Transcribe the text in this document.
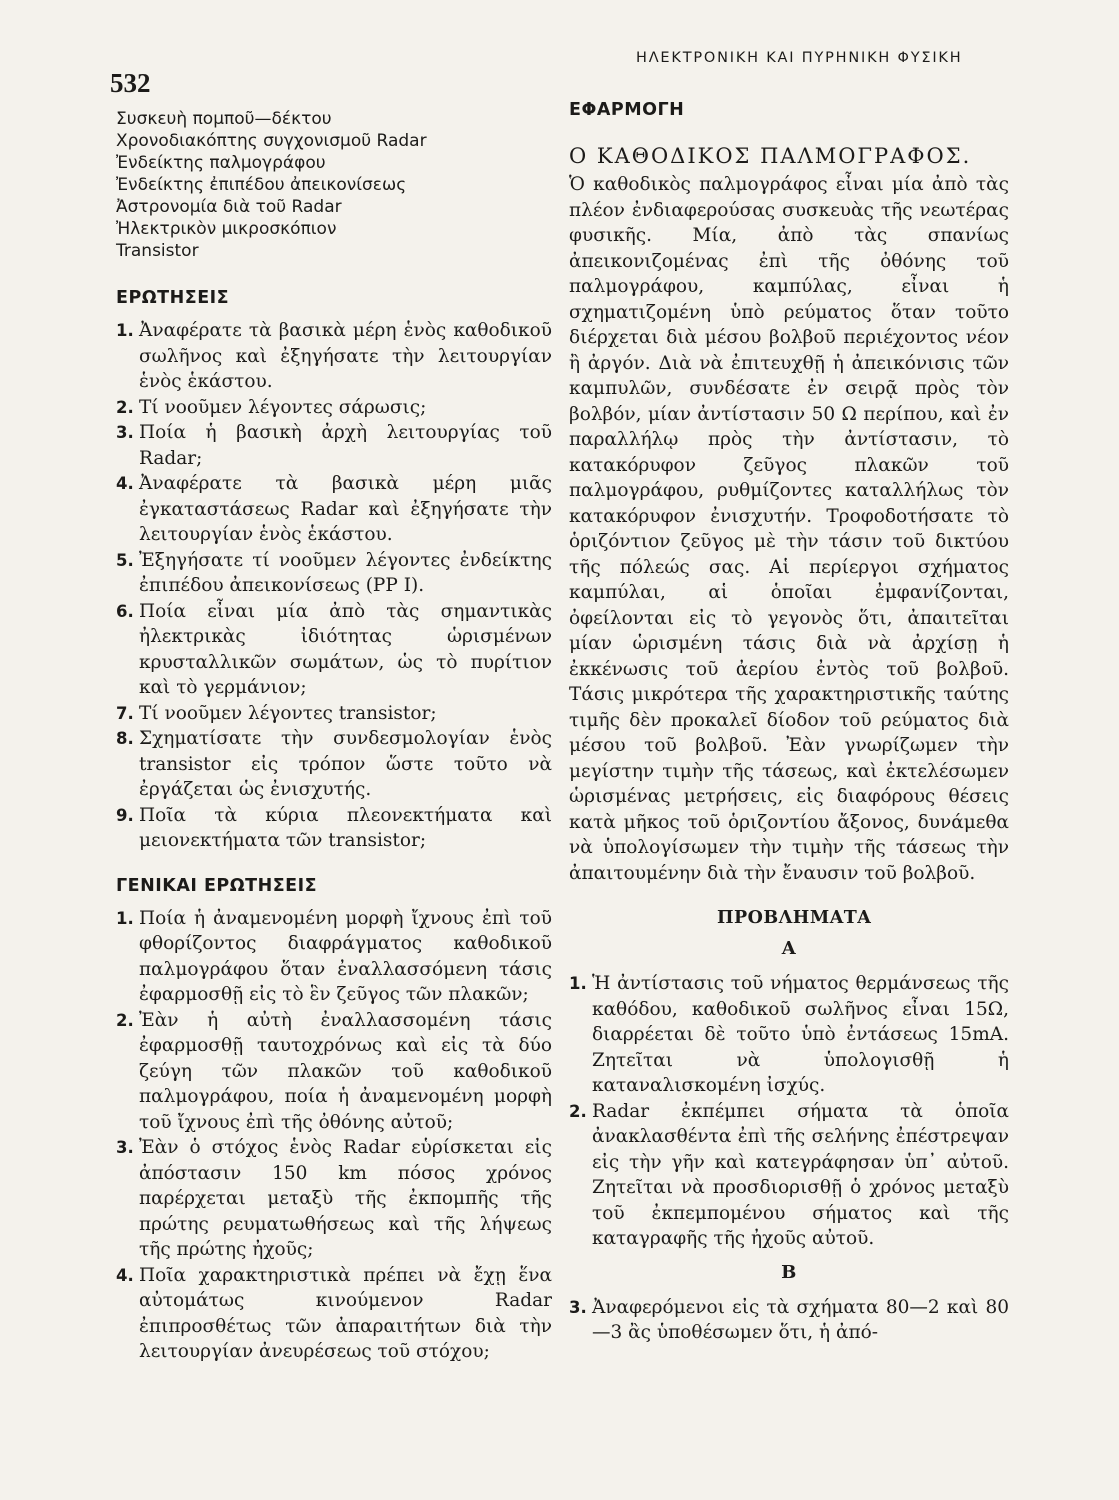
532
ΗΛΕΚΤΡΟΝΙΚΗ ΚΑΙ ΠΥΡΗΝΙΚΗ ΦΥΣΙΚΗ
Συσκευὴ πομποῦ—δέκτου
Χρονοδιακόπτης συγχονισμοῦ Radar
Ἐνδείκτης παλμογράφου
Ἐνδείκτης ἐπιπέδου ἀπεικονίσεως
Ἀστρονομία διὰ τοῦ Radar
Ἠλεκτρικὸν μικροσκόπιον
Transistor
ΕΡΩΤΗΣΕΙΣ
1. Ἀναφέρατε τὰ βασικὰ μέρη ἑνὸς καθοδικοῦ σωλῆνος καὶ ἐξηγήσατε τὴν λειτουργίαν ἑνὸς ἑκάστου.
2. Τί νοοῦμεν λέγοντες σάρωσις;
3. Ποία ἡ βασικὴ ἀρχὴ λειτουργίας τοῦ Radar;
4. Ἀναφέρατε τὰ βασικὰ μέρη μιᾶς ἐγκαταστάσεως Radar καὶ ἐξηγήσατε τὴν λειτουργίαν ἑνὸς ἑκάστου.
5. Ἐξηγήσατε τί νοοῦμεν λέγοντες ἐνδείκτης ἐπιπέδου ἀπεικονίσεως (PP I).
6. Ποία εἶναι μία ἀπὸ τὰς σημαντικὰς ἠλεκτρικὰς ἰδιότητας ὡρισμένων κρυσταλλικῶν σωμάτων, ὡς τὸ πυρίτιον καὶ τὸ γερμάνιον;
7. Τί νοοῦμεν λέγοντες transistor;
8. Σχηματίσατε τὴν συνδεσμολογίαν ἑνὸς transistor εἰς τρόπον ὥστε τοῦτο νὰ ἐργάζεται ὡς ἐνισχυτής.
9. Ποῖα τὰ κύρια πλεονεκτήματα καὶ μειονεκτήματα τῶν transistor;
ΓΕΝΙΚΑΙ ΕΡΩΤΗΣΕΙΣ
1. Ποία ἡ ἀναμενομένη μορφὴ ἴχνους ἐπὶ τοῦ φθορίζοντος διαφράγματος καθοδικοῦ παλμογράφου ὅταν ἐναλλασσόμενη τάσις ἐφαρμοσθῇ εἰς τὸ ἓν ζεῦγος τῶν πλακῶν;
2. Ἐὰν ἡ αὐτὴ ἐναλλασσομένη τάσις ἐφαρμοσθῇ ταυτοχρόνως καὶ εἰς τὰ δύο ζεύγη τῶν πλακῶν τοῦ καθοδικοῦ παλμογράφου, ποία ἡ ἀναμενομένη μορφὴ τοῦ ἴχνους ἐπὶ τῆς ὀθόνης αὐτοῦ;
3. Ἐὰν ὁ στόχος ἑνὸς Radar εὑρίσκεται εἰς ἀπόστασιν 150 km πόσος χρόνος παρέρχεται μεταξὺ τῆς ἐκπομπῆς τῆς πρώτης ρευματωθήσεως καὶ τῆς λήψεως τῆς πρώτης ἠχοῦς;
4. Ποῖα χαρακτηριστικὰ πρέπει νὰ ἔχῃ ἕνα αὐτομάτως κινούμενον Radar ἐπιπροσθέτως τῶν ἀπαραιτήτων διὰ τὴν λειτουργίαν ἀνευρέσεως τοῦ στόχου;
ΕΦΑΡΜΟΓΗ
Ο ΚΑΘΟΔΙΚΟΣ ΠΑΛΜΟΓΡΑΦΟΣ.

Ὁ καθοδικὸς παλμογράφος εἶναι μία ἀπὸ τὰς πλέον ἐνδιαφερούσας συσκευὰς τῆς νεωτέρας φυσικῆς. Μία, ἀπὸ τὰς σπανίως ἀπεικονιζομένας ἐπὶ τῆς ὀθόνης τοῦ παλμογράφου, καμπύλας, εἶναι ἡ σχηματιζομένη ὑπὸ ρεύματος ὅταν τοῦτο διέρχεται διὰ μέσου βολβοῦ περιέχοντος νέον ἢ ἀργόν. Διὰ νὰ ἐπιτευχθῇ ἡ ἀπεικόνισις τῶν καμπυλῶν, συνδέσατε ἐν σειρᾷ πρὸς τὸν βολβόν, μίαν ἀντίστασιν 50 Ω περίπου, καὶ ἐν παραλλήλῳ πρὸς τὴν ἀντίστασιν, τὸ κατακόρυφον ζεῦγος πλακῶν τοῦ παλμογράφου, ρυθμίζοντες καταλλήλως τὸν κατακόρυφον ἐνισχυτήν. Τροφοδοτήσατε τὸ ὁριζόντιον ζεῦγος μὲ τὴν τάσιν τοῦ δικτύου τῆς πόλεώς σας. Αἱ περίεργοι σχήματος καμπύλαι, αἱ ὁποῖαι ἐμφανίζονται, ὀφείλονται εἰς τὸ γεγονὸς ὅτι, ἀπαιτεῖται μίαν ὡρισμένη τάσις διὰ νὰ ἀρχίσῃ ἡ ἐκκένωσις τοῦ ἀερίου ἐντὸς τοῦ βολβοῦ. Τάσις μικρότερα τῆς χαρακτηριστικῆς ταύτης τιμῆς δὲν προκαλεῖ δίοδον τοῦ ρεύματος διὰ μέσου τοῦ βολβοῦ. Ἐὰν γνωρίζωμεν τὴν μεγίστην τιμὴν τῆς τάσεως, καὶ ἐκτελέσωμεν ὡρισμένας μετρήσεις, εἰς διαφόρους θέσεις κατὰ μῆκος τοῦ ὁριζοντίου ἄξονος, δυνάμεθα νὰ ὑπολογίσωμεν τὴν τιμὴν τῆς τάσεως τὴν ἀπαιτουμένην διὰ τὴν ἔναυσιν τοῦ βολβοῦ.

ΠΡΟΒΛΗΜΑΤΑ
Α
1. Ἡ ἀντίστασις τοῦ νήματος θερμάνσεως τῆς καθόδου, καθοδικοῦ σωλῆνος εἶναι 15Ω, διαρρέεται δὲ τοῦτο ὑπὸ ἐντάσεως 15mA. Ζητεῖται νὰ ὑπολογισθῇ ἡ καταναλισκομένη ἰσχύς.
2. Radar ἐκπέμπει σήματα τὰ ὁποῖα ἀνακλασθέντα ἐπὶ τῆς σελήνης ἐπέστρεψαν εἰς τὴν γῆν καὶ κατεγράφησαν ὑπ᾽ αὐτοῦ. Ζητεῖται νὰ προσδιορισθῇ ὁ χρόνος μεταξὺ τοῦ ἐκπεμπομένου σήματος καὶ τῆς καταγραφῆς τῆς ἠχοῦς αὐτοῦ.
Β
3. Ἀναφερόμενοι εἰς τὰ σχήματα 80—2 καὶ 80—3 ἂς ὑποθέσωμεν ὅτι, ἡ ἀπό-
